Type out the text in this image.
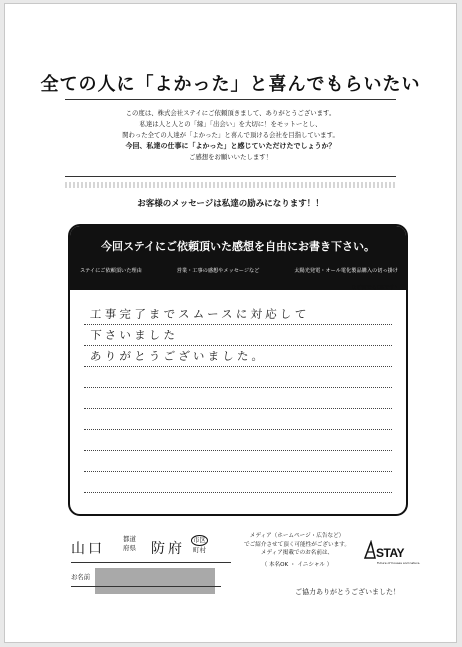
全ての人に「よかった」と喜んでもらいたい
この度は、株式会社ステイにご依頼頂きまして、ありがとうございます。
私達は人と人との「縁」「出会い」を大切に！をモットーとし、
関わった全ての人達が「よかった」と喜んで頂ける会社を目指しています。
今回、私達の仕事に「よかった」と感じていただけたでしょうか？
ご感想をお願いいたします！
お客様のメッセージは私達の励みになります！！
今回ステイにご依頼頂いた感想を自由にお書き下さい。
ステイにご依頼頂いた理由	営業・工事の感想やメッセージなど	太陽光発電・オール電化製品購入の切っ掛け
など何でもOKです！
工事完了までスムースに対応して
下さいました
ありがとうございました。
山口
都道
府県 防府
市区
町村
メディア（ホームページ・広告など）
でご紹介させて頂く可能性がございます。
メディア掲載でのお名前は、
（ 本名OK ・ イニシャル ）
STAY
Future of houses and nature.
お名前
ご協力ありがとうございました！
